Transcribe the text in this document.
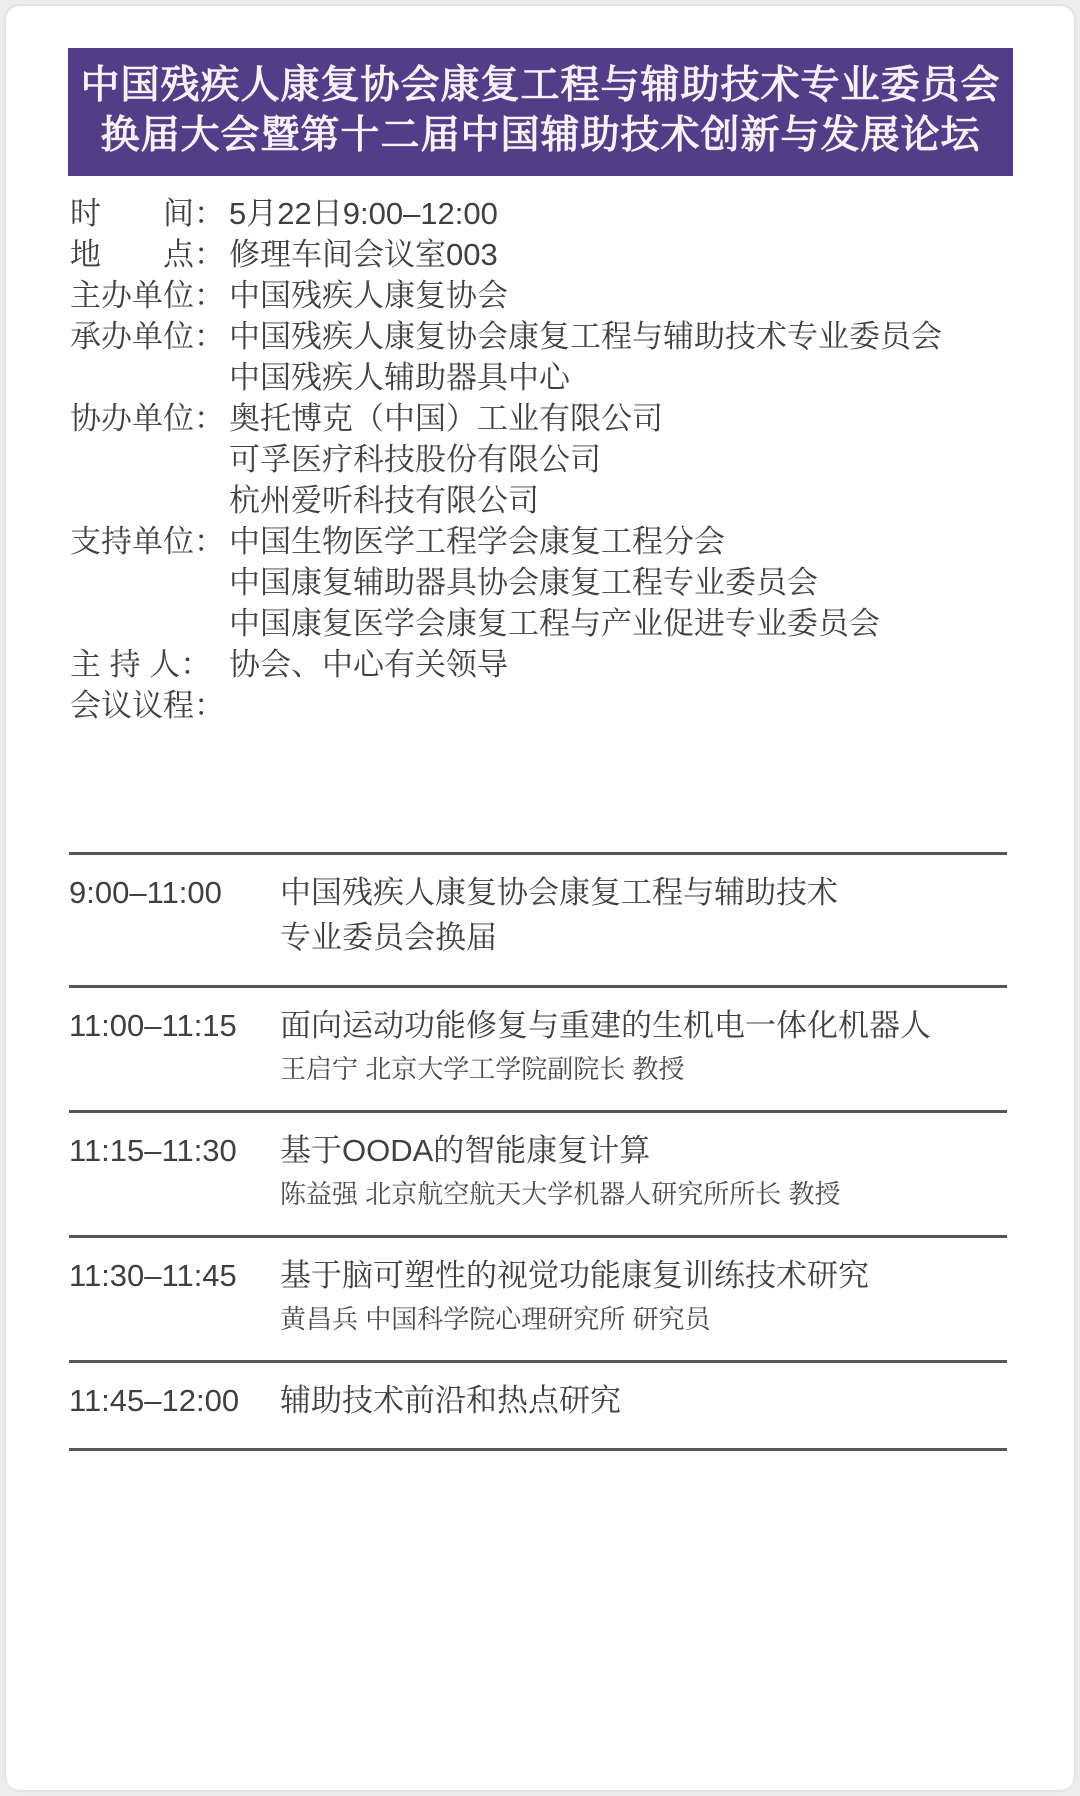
中国残疾人康复协会康复工程与辅助技术专业委员会
换届大会暨第十二届中国辅助技术创新与发展论坛
时　　间： 5月22日9:00–12:00
地　　点： 修理车间会议室003
主办单位： 中国残疾人康复协会
承办单位： 中国残疾人康复协会康复工程与辅助技术专业委员会
中国残疾人辅助器具中心
协办单位： 奥托博克（中国）工业有限公司
可孚医疗科技股份有限公司
杭州爱听科技有限公司
支持单位： 中国生物医学工程学会康复工程分会
中国康复辅助器具协会康复工程专业委员会
中国康复医学会康复工程与产业促进专业委员会
主 持 人： 协会、中心有关领导
会议议程：
9:00–11:00	中国残疾人康复协会康复工程与辅助技术
专业委员会换届
11:00–11:15	面向运动功能修复与重建的生机电一体化机器人
王启宁 北京大学工学院副院长 教授
11:15–11:30	基于OODA的智能康复计算
陈益强 北京航空航天大学机器人研究所所长 教授
11:30–11:45	基于脑可塑性的视觉功能康复训练技术研究
黄昌兵 中国科学院心理研究所 研究员
11:45–12:00	辅助技术前沿和热点研究
